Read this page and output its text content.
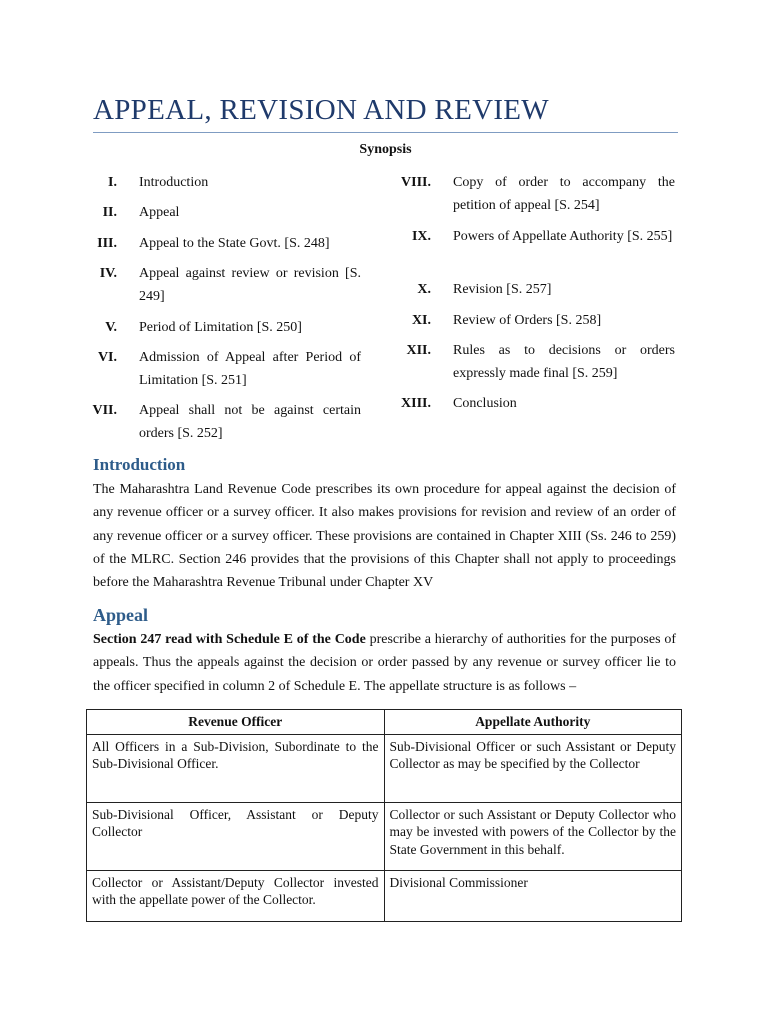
APPEAL, REVISION AND REVIEW
Synopsis
I. Introduction
II. Appeal
III. Appeal to the State Govt. [S. 248]
IV. Appeal against review or revision [S. 249]
V. Period of Limitation [S. 250]
VI. Admission of Appeal after Period of Limitation [S. 251]
VII. Appeal shall not be against certain orders [S. 252]
VIII. Copy of order to accompany the petition of appeal [S. 254]
IX. Powers of Appellate Authority [S. 255]
X. Revision [S. 257]
XI. Review of Orders [S. 258]
XII. Rules as to decisions or orders expressly made final [S. 259]
XIII. Conclusion
Introduction

The Maharashtra Land Revenue Code prescribes its own procedure for appeal against the decision of any revenue officer or a survey officer. It also makes provisions for revision and review of an order of any revenue officer or a survey officer. These provisions are contained in Chapter XIII (Ss. 246 to 259) of the MLRC. Section 246 provides that the provisions of this Chapter shall not apply to proceedings before the Maharashtra Revenue Tribunal under Chapter XV

Appeal

Section 247 read with Schedule E of the Code prescribe a hierarchy of authorities for the purposes of appeals. Thus the appeals against the decision or order passed by any revenue or survey officer lie to the officer specified in column 2 of Schedule E. The appellate structure is as follows –

Revenue Officer	Appellate Authority
All Officers in a Sub-Division, Subordinate to the Sub-Divisional Officer.	Sub-Divisional Officer or such Assistant or Deputy Collector as may be specified by the Collector
Sub-Divisional Officer, Assistant or Deputy Collector	Collector or such Assistant or Deputy Collector who may be invested with powers of the Collector by the State Government in this behalf.
Collector or Assistant/Deputy Collector invested with the appellate power of the Collector.	Divisional Commissioner
